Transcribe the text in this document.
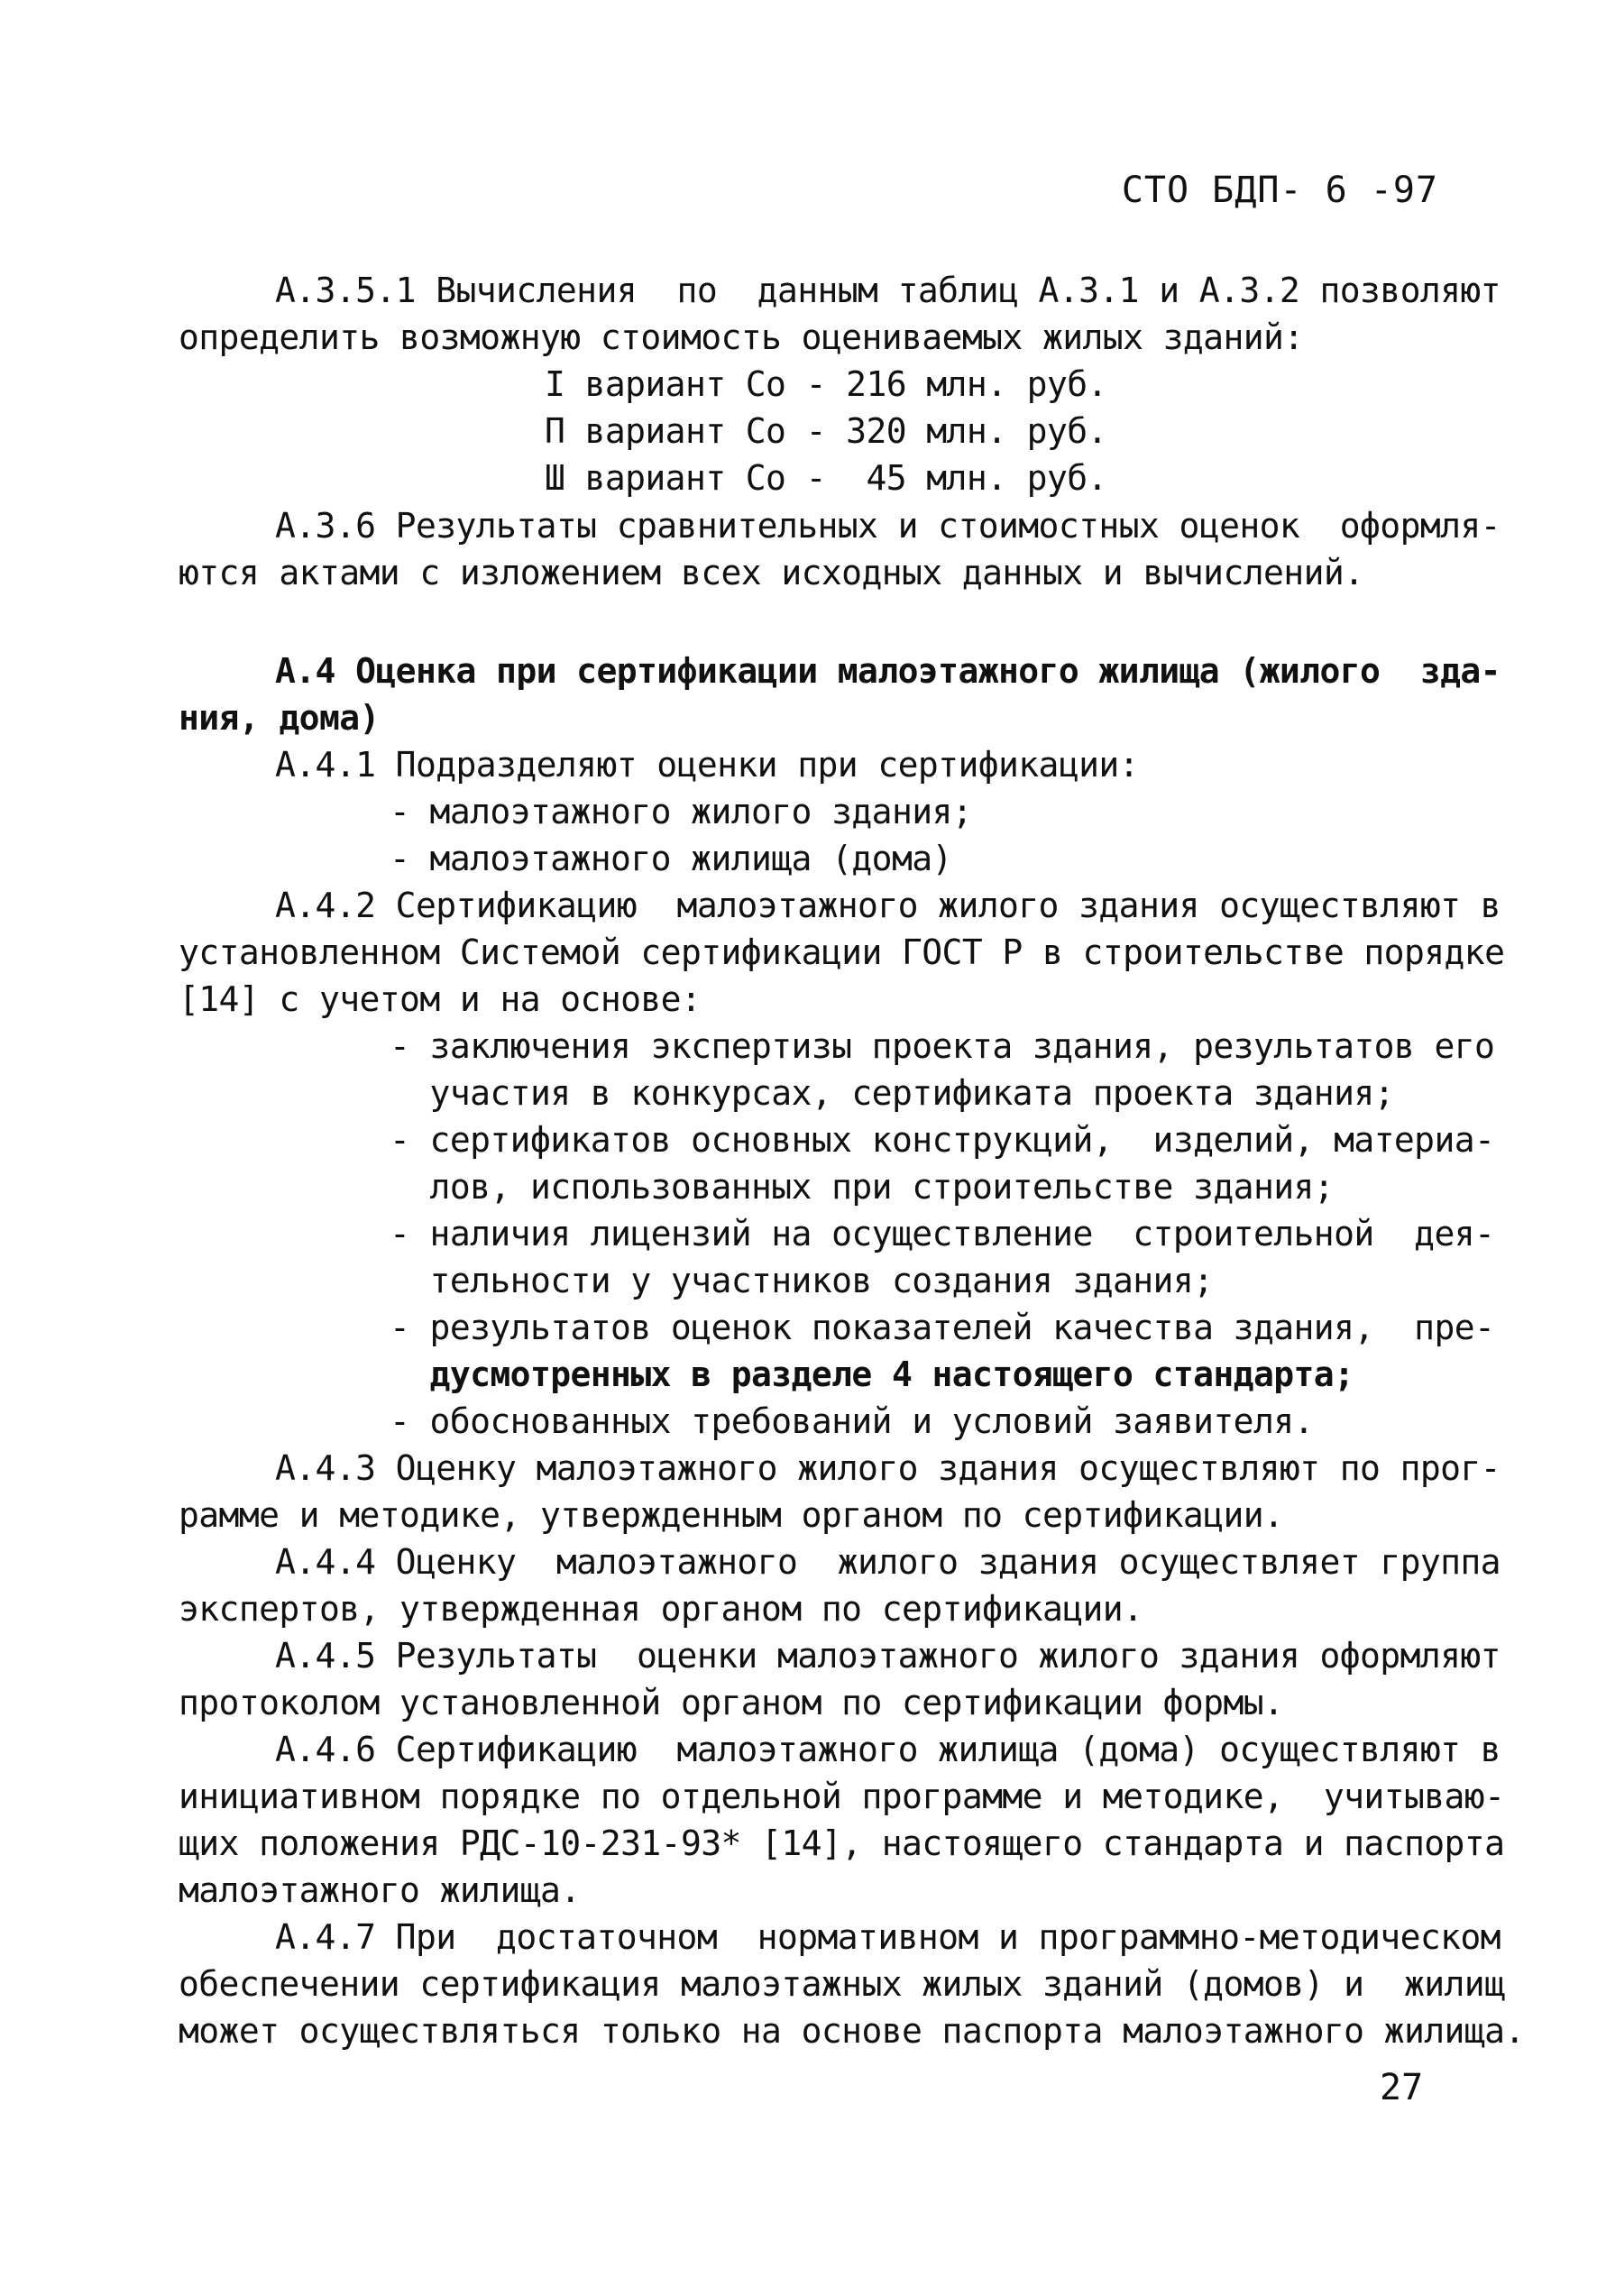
СТО БДП- 6 -97
А.3.5.1 Вычисления  по  данным таблиц А.3.1 и А.3.2 позволяют
определить возможную стоимость оцениваемых жилых зданий:
I вариант Со - 216 млн. руб.
П вариант Со - 320 млн. руб.
Ш вариант Со -  45 млн. руб.
А.3.6 Результаты сравнительных и стоимостных оценок  оформля-
ются актами с изложением всех исходных данных и вычислений.
А.4 Оценка при сертификации малоэтажного жилища (жилого  зда-
ния, дома)
А.4.1 Подразделяют оценки при сертификации:
- малоэтажного жилого здания;
- малоэтажного жилища (дома)
А.4.2 Сертификацию  малоэтажного жилого здания осуществляют в
установленном Системой сертификации ГОСТ Р в строительстве порядке
[14] с учетом и на основе:
- заключения экспертизы проекта здания, результатов его
участия в конкурсах, сертификата проекта здания;
- сертификатов основных конструкций,  изделий, материа-
лов, использованных при строительстве здания;
- наличия лицензий на осуществление  строительной  дея-
тельности у участников создания здания;
- результатов оценок показателей качества здания,  пре-
дусмотренных в разделе 4 настоящего стандарта;
- обоснованных требований и условий заявителя.
А.4.3 Оценку малоэтажного жилого здания осуществляют по прог-
рамме и методике, утвержденным органом по сертификации.
А.4.4 Оценку  малоэтажного  жилого здания осуществляет группа
экспертов, утвержденная органом по сертификации.
А.4.5 Результаты  оценки малоэтажного жилого здания оформляют
протоколом установленной органом по сертификации формы.
А.4.6 Сертификацию  малоэтажного жилища (дома) осуществляют в
инициативном порядке по отдельной программе и методике,  учитываю-
щих положения РДС-10-231-93* [14], настоящего стандарта и паспорта
малоэтажного жилища.
А.4.7 При  достаточном  нормативном и программно-методическом
обеспечении сертификация малоэтажных жилых зданий (домов) и  жилищ
может осуществляться только на основе паспорта малоэтажного жилища.
27
